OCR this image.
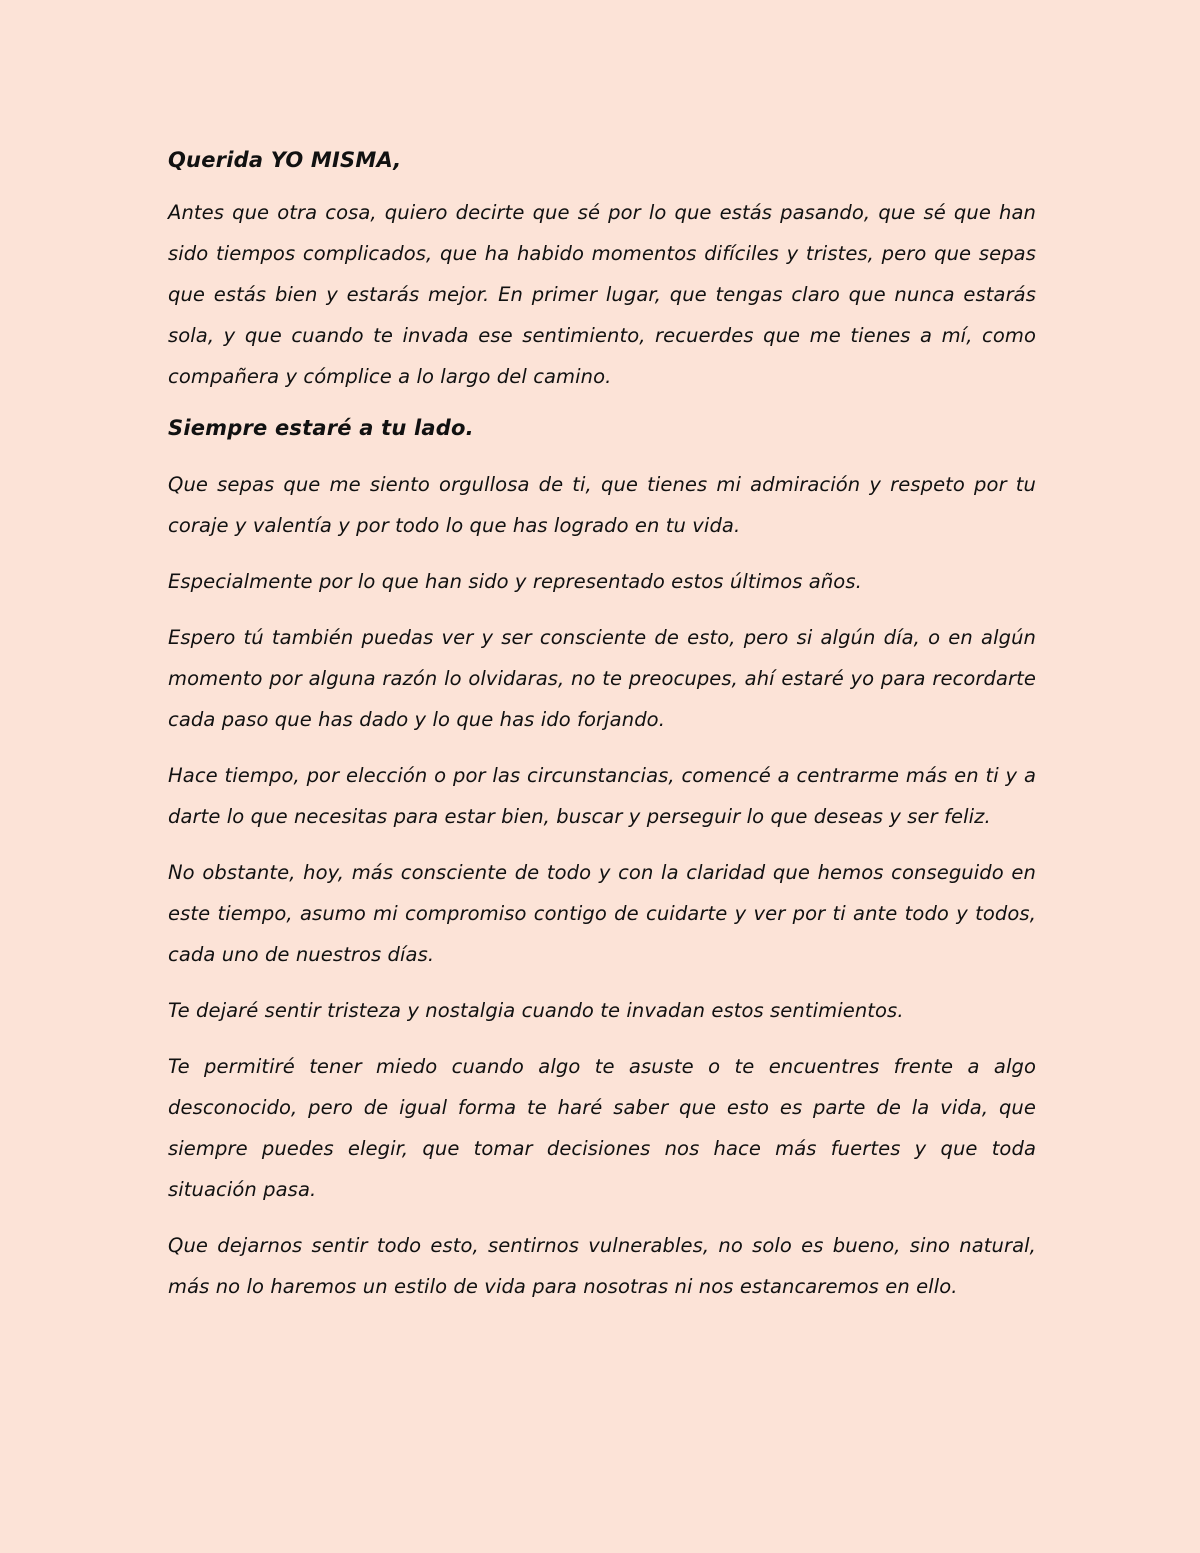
Querida YO MISMA,

Antes que otra cosa, quiero decirte que sé por lo que estás pasando, que sé que han sido tiempos complicados, que ha habido momentos difíciles y tristes, pero que sepas que estás bien y estarás mejor. En primer lugar, que tengas claro que nunca estarás sola, y que cuando te invada ese sentimiento, recuerdes que me tienes a mí, como compañera y cómplice a lo largo del camino.

Siempre estaré a tu lado.

Que sepas que me siento orgullosa de ti, que tienes mi admiración y respeto por tu coraje y valentía y por todo lo que has logrado en tu vida.

Especialmente por lo que han sido y representado estos últimos años.

Espero tú también puedas ver y ser consciente de esto, pero si algún día, o en algún momento por alguna razón lo olvidaras, no te preocupes, ahí estaré yo para recordarte cada paso que has dado y lo que has ido forjando.

Hace tiempo, por elección o por las circunstancias, comencé a centrarme más en ti y a darte lo que necesitas para estar bien, buscar y perseguir lo que deseas y ser feliz.

No obstante, hoy, más consciente de todo y con la claridad que hemos conseguido en este tiempo, asumo mi compromiso contigo de cuidarte y ver por ti ante todo y todos, cada uno de nuestros días.

Te dejaré sentir tristeza y nostalgia cuando te invadan estos sentimientos.

Te permitiré tener miedo cuando algo te asuste o te encuentres frente a algo desconocido, pero de igual forma te haré saber que esto es parte de la vida, que siempre puedes elegir, que tomar decisiones nos hace más fuertes y que toda situación pasa.

Que dejarnos sentir todo esto, sentirnos vulnerables, no solo es bueno, sino natural, más no lo haremos un estilo de vida para nosotras ni nos estancaremos en ello.
